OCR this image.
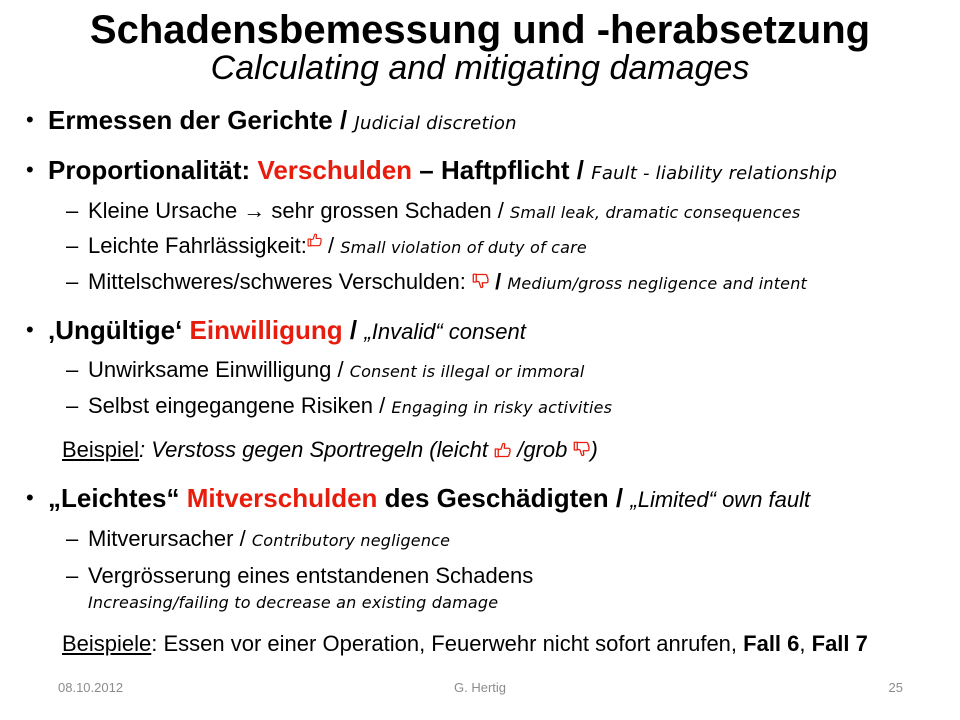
Schadensbemessung und -herabsetzung
Calculating and mitigating damages
• Ermessen der Gerichte / Judicial discretion
• Proportionalität: Verschulden – Haftpflicht / Fault - liability relationship
– Kleine Ursache → sehr grossen Schaden / Small leak, dramatic consequences
– Leichte Fahrlässigkeit: / Small violation of duty of care
– Mittelschweres/schweres Verschulden: / Medium/gross negligence and intent
• ‚Ungültige‘ Einwilligung / „Invalid“ consent
– Unwirksame Einwilligung / Consent is illegal or immoral
– Selbst eingegangene Risiken / Engaging in risky activities
Beispiel: Verstoss gegen Sportregeln (leicht  /grob )
• „Leichtes“ Mitverschulden des Geschädigten / „Limited“ own fault
– Mitverursacher / Contributory negligence
– Vergrösserung eines entstandenen Schadens
Increasing/failing to decrease an existing damage
Beispiele: Essen vor einer Operation, Feuerwehr nicht sofort anrufen, Fall 6, Fall 7
08.10.2012	G. Hertig	25
